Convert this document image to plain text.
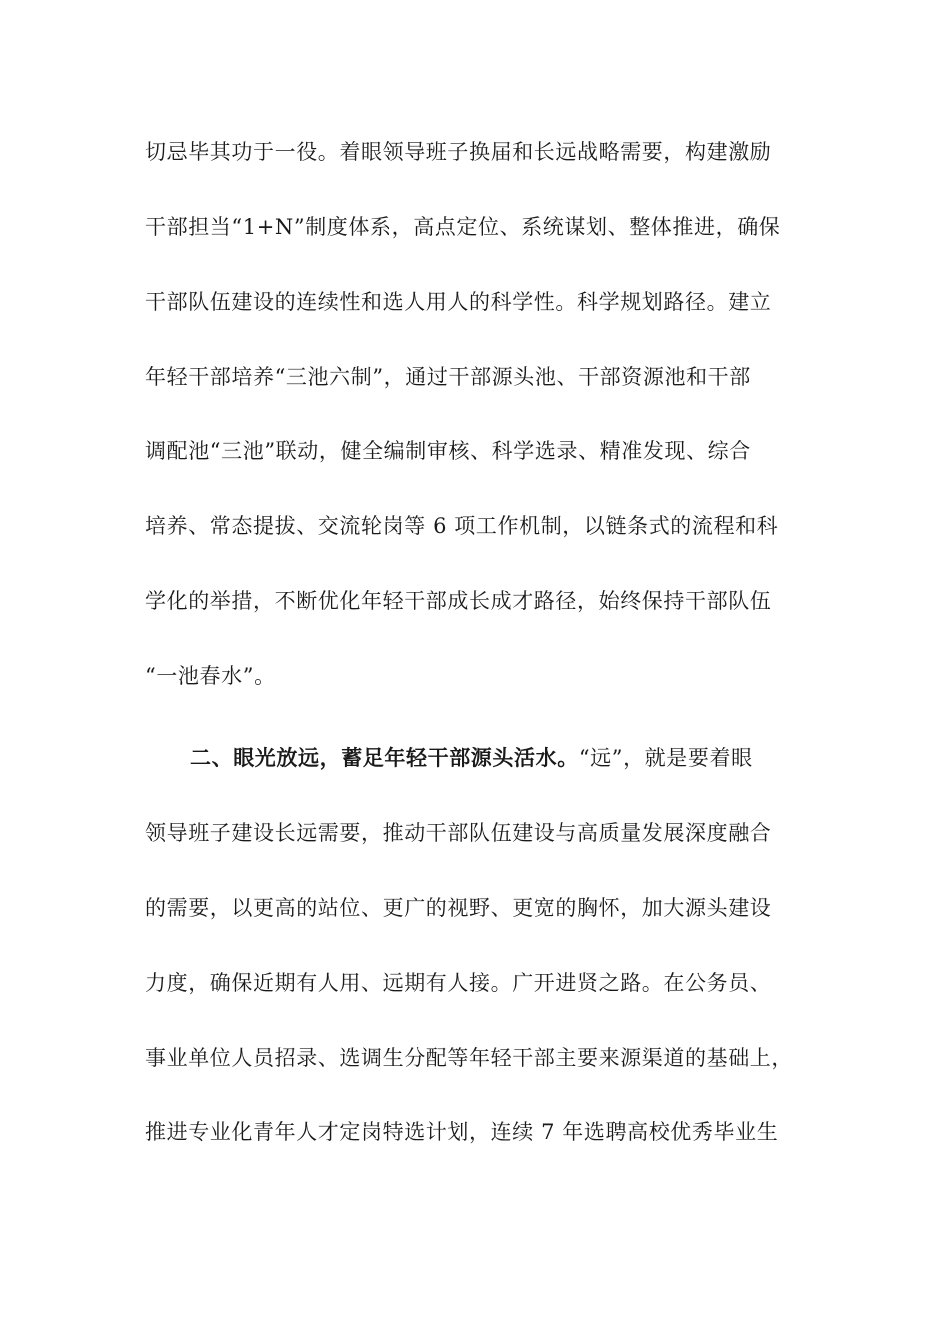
切忌毕其功于一役。着眼领导班子换届和长远战略需要，构建激励
干部担当“1+N”制度体系，高点定位、系统谋划、整体推进，确保
干部队伍建设的连续性和选人用人的科学性。科学规划路径。建立
年轻干部培养“三池六制”，通过干部源头池、干部资源池和干部
调配池“三池”联动，健全编制审核、科学选录、精准发现、综合
培养、常态提拔、交流轮岗等 6 项工作机制，以链条式的流程和科
学化的举措，不断优化年轻干部成长成才路径，始终保持干部队伍
“一池春水”。
二、眼光放远，蓄足年轻干部源头活水。“远”，就是要着眼
领导班子建设长远需要，推动干部队伍建设与高质量发展深度融合
的需要，以更高的站位、更广的视野、更宽的胸怀，加大源头建设
力度，确保近期有人用、远期有人接。广开进贤之路。在公务员、
事业单位人员招录、选调生分配等年轻干部主要来源渠道的基础上，
推进专业化青年人才定岗特选计划，连续 7 年选聘高校优秀毕业生
